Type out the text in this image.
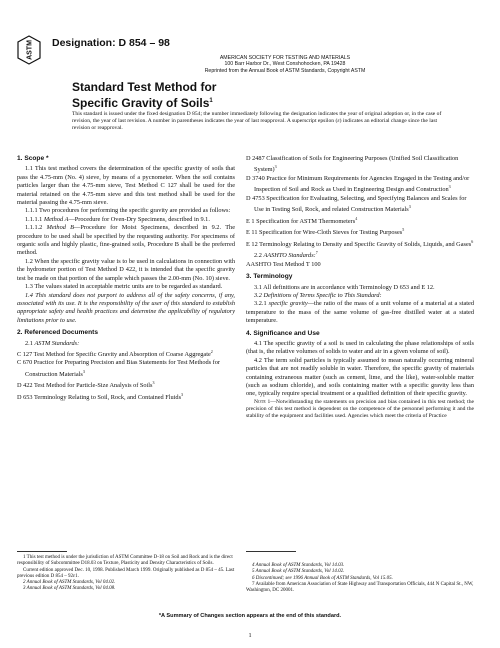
ASTM Designation: D 854 – 98
AMERICAN SOCIETY FOR TESTING AND MATERIALS
100 Barr Harbor Dr., West Conshohocken, PA 19428
Reprinted from the Annual Book of ASTM Standards, Copyright ASTM
Standard Test Method for
Specific Gravity of Soils$^1$
This standard is issued under the fixed designation D 854; the number immediately following the designation indicates the year of original adoption or, in the case of revision, the year of last revision. A number in parentheses indicates the year of last reapproval. A superscript epsilon (ε) indicates an editorial change since the last revision or reapproval.
1. Scope *

1.1 This test method covers the determination of the specific gravity of soils that pass the 4.75-mm (No. 4) sieve, by means of a pycnometer. When the soil contains particles larger than the 4.75-mm sieve, Test Method C 127 shall be used for the material retained on the 4.75-mm sieve and this test method shall be used for the material passing the 4.75-mm sieve.

1.1.1 Two procedures for performing the specific gravity are provided as follows:

1.1.1.1 Method A—Procedure for Oven-Dry Specimens, described in 9.1.

1.1.1.2 Method B—Procedure for Moist Specimens, described in 9.2. The procedure to be used shall be specified by the requesting authority. For specimens of organic soils and highly plastic, fine-grained soils, Procedure B shall be the preferred method.

1.2 When the specific gravity value is to be used in calculations in connection with the hydrometer portion of Test Method D 422, it is intended that the specific gravity test be made on that portion of the sample which passes the 2.00-mm (No. 10) sieve.

1.3 The values stated in acceptable metric units are to be regarded as standard.

1.4 This standard does not purport to address all of the safety concerns, if any, associated with its use. It is the responsibility of the user of this standard to establish appropriate safety and health practices and determine the applicability of regulatory limitations prior to use.

2. Referenced Documents

2.1 ASTM Standards:

C 127 Test Method for Specific Gravity and Absorption of Coarse Aggregate$^2$

C 670 Practice for Preparing Precision and Bias Statements for Test Methods for Construction Materials$^3$

D 422 Test Method for Particle-Size Analysis of Soils$^3$

D 653 Terminology Relating to Soil, Rock, and Contained Fluids$^3$

D 2487 Classification of Soils for Engineering Purposes (Unified Soil Classification System)$^3$

D 3740 Practice for Minimum Requirements for Agencies Engaged in the Testing and/or Inspection of Soil and Rock as Used in Engineering Design and Construction$^3$

D 4753 Specification for Evaluating, Selecting, and Specifying Balances and Scales for Use in Testing Soil, Rock, and related Construction Materials$^3$

E 1 Specification for ASTM Thermometers$^4$

E 11 Specification for Wire-Cloth Sieves for Testing Purposes$^5$

E 12 Terminology Relating to Density and Specific Gravity of Solids, Liquids, and Gases$^6$

2.2 AASHTO Standards:$^7$

AASHTO Test Method T 100

3. Terminology

3.1 All definitions are in accordance with Terminology D 653 and E 12.

3.2 Definitions of Terms Specific to This Standard:

3.2.1 specific gravity—the ratio of the mass of a unit volume of a material at a stated temperature to the mass of the same volume of gas-free distilled water at a stated temperature.

4. Significance and Use

4.1 The specific gravity of a soil is used in calculating the phase relationships of soils (that is, the relative volumes of solids to water and air in a given volume of soil).

4.2 The term solid particles is typically assumed to mean naturally occurring mineral particles that are not readily soluble in water. Therefore, the specific gravity of materials containing extraneous matter (such as cement, lime, and the like), water-soluble matter (such as sodium chloride), and soils containing matter with a specific gravity less than one, typically require special treatment or a qualified definition of their specific gravity.

Note 1—Notwithstanding the statements on precision and bias contained in this test method; the precision of this test method is dependent on the competence of the personnel performing it and the stability of the equipment and facilities used. Agencies which meet the criteria of Practice

1 This test method is under the jurisdiction of ASTM Committee D-18 on Soil and Rock and is the direct responsibility of Subcommittee D18.03 on Texture, Plasticity and Density Characteristics of Soils.

Current edition approved Dec. 10, 1998. Published March 1999. Originally published as D 854 – 45. Last previous edition D 854 – 92ε1.

2 Annual Book of ASTM Standards, Vol 04.02.

3 Annual Book of ASTM Standards, Vol 04.08.

4 Annual Book of ASTM Standards, Vol 14.03.

5 Annual Book of ASTM Standards, Vol 14.02.

6 Discontinued; see 1996 Annual Book of ASTM Standards, Vol 15.05.

7 Available from American Association of State Highway and Transportation Officials, 444 N Capital St., NW, Washington, DC 20001.

*A Summary of Changes section appears at the end of this standard.
1
